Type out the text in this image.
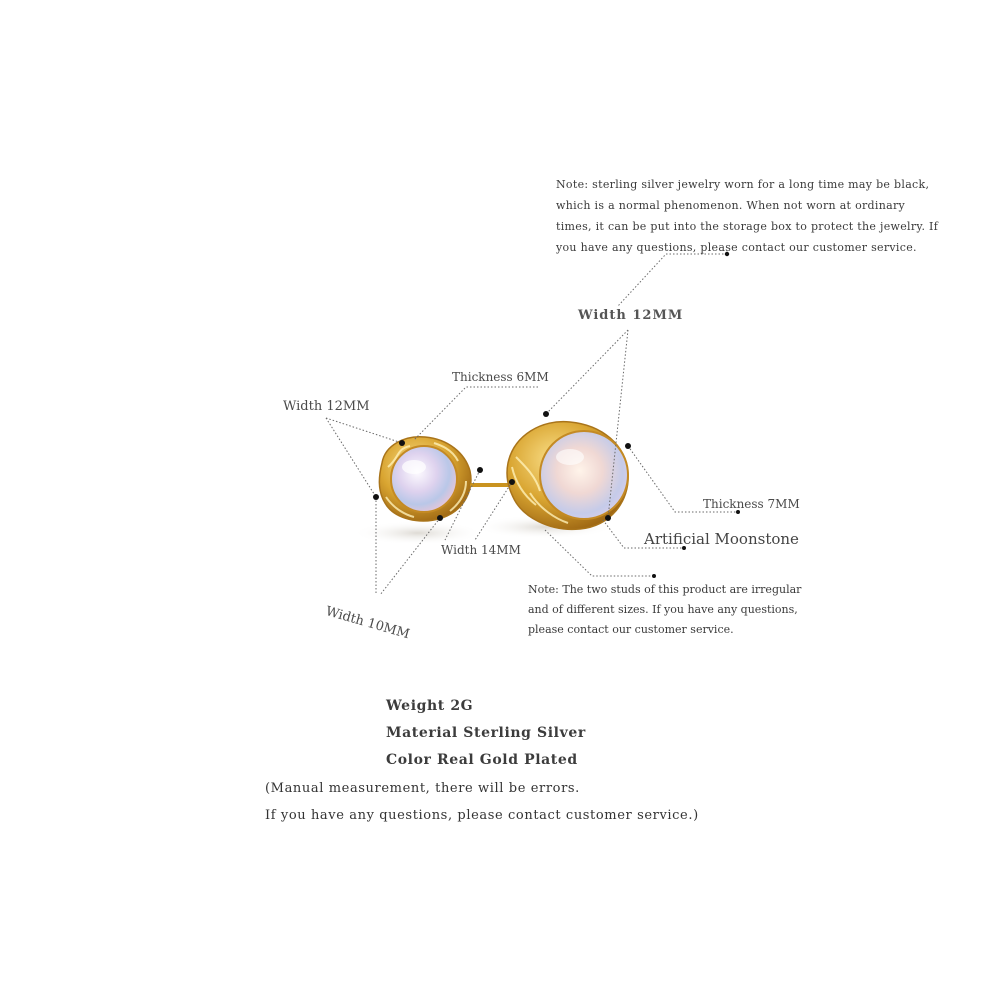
Note: sterling silver jewelry worn for a long time may be black,
which is a normal phenomenon. When not worn at ordinary
times, it can be put into the storage box to protect the jewelry. If
you have any questions, please contact our customer service.
Width 12MM
Thickness 6MM
Width 12MM
Thickness 7MM
Artificial Moonstone
Width 14MM
Width 10MM
Note: The two studs of this product are irregular
and of different sizes. If you have any questions,
please contact our customer service.
Weight 2G
Material Sterling Silver
Color Real Gold Plated
(Manual measurement, there will be errors.
If you have any questions, please contact customer service.)
